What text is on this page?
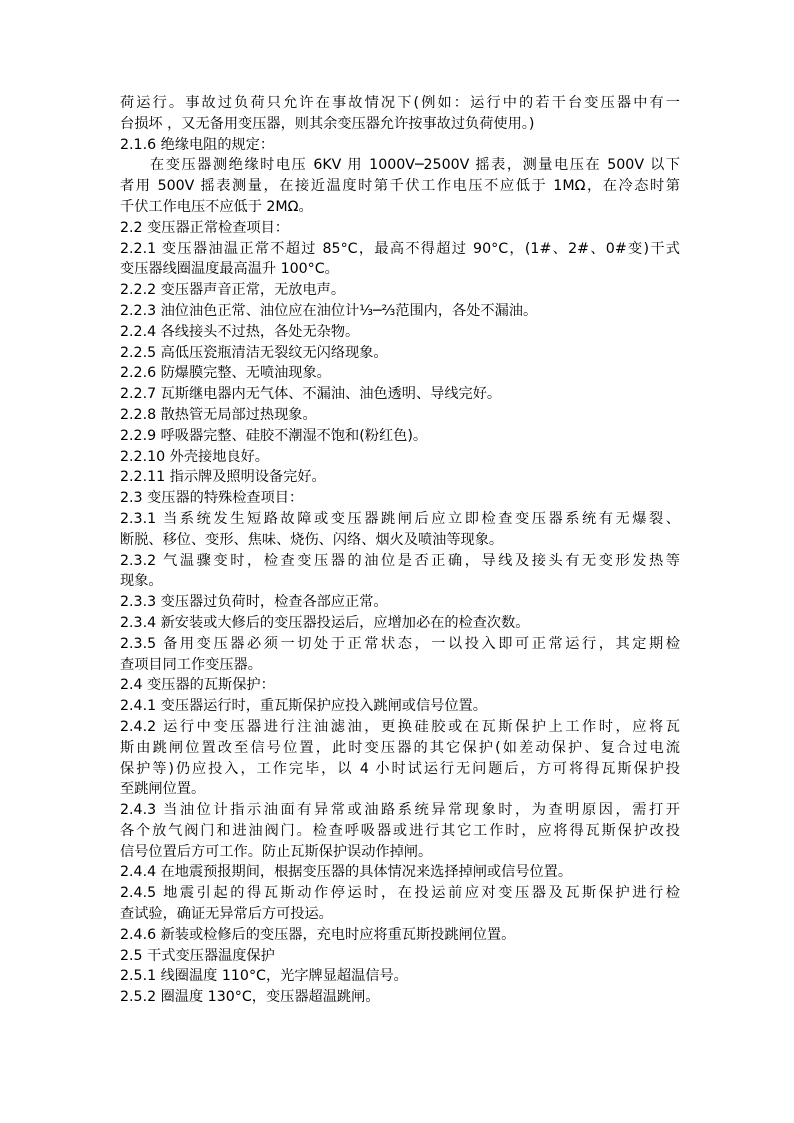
荷运行。事故过负荷只允许在事故情况下(例如：运行中的若干台变压器中有一
台损坏 ，又无备用变压器，则其余变压器允许按事故过负荷使用。)
2.1.6 绝缘电阻的规定：
在变压器测绝缘时电压 6KV 用 1000V─2500V 摇表，测量电压在 500V 以下
者用 500V 摇表测量，在接近温度时第千伏工作电压不应低于 1MΩ，在冷态时第
千伏工作电压不应低于 2MΩ。
2.2 变压器正常检查项目：
2.2.1 变压器油温正常不超过 85°C，最高不得超过 90°C，(1#、2#、0#变)干式
变压器线圈温度最高温升 100°C。
2.2.2 变压器声音正常，无放电声。
2.2.3 油位油色正常、油位应在油位计⅓─⅔范围内，各处不漏油。
2.2.4 各线接头不过热，各处无杂物。
2.2.5 高低压瓷瓶清洁无裂纹无闪络现象。
2.2.6 防爆膜完整、无喷油现象。
2.2.7 瓦斯继电器内无气体、不漏油、油色透明、导线完好。
2.2.8 散热管无局部过热现象。
2.2.9 呼吸器完整、硅胶不潮湿不饱和(粉红色)。
2.2.10 外壳接地良好。
2.2.11 指示牌及照明设备完好。
2.3 变压器的特殊检查项目：
2.3.1 当系统发生短路故障或变压器跳闸后应立即检查变压器系统有无爆裂、
断脱、移位、变形、焦味、烧伤、闪络、烟火及喷油等现象。
2.3.2 气温骤变时，检查变压器的油位是否正确，导线及接头有无变形发热等
现象。
2.3.3 变压器过负荷时，检查各部应正常。
2.3.4 新安装或大修后的变压器投运后，应增加必在的检查次数。
2.3.5 备用变压器必须一切处于正常状态，一以投入即可正常运行，其定期检
查项目同工作变压器。
2.4 变压器的瓦斯保护：
2.4.1 变压器运行时，重瓦斯保护应投入跳闸或信号位置。
2.4.2 运行中变压器进行注油滤油，更换硅胶或在瓦斯保护上工作时，应将瓦
斯由跳闸位置改至信号位置，此时变压器的其它保护(如差动保护、复合过电流
保护等)仍应投入，工作完毕，以 4 小时试运行无问题后，方可将得瓦斯保护投
至跳闸位置。
2.4.3 当油位计指示油面有异常或油路系统异常现象时，为查明原因，需打开
各个放气阀门和进油阀门。检查呼吸器或进行其它工作时，应将得瓦斯保护改投
信号位置后方可工作。防止瓦斯保护误动作掉闸。
2.4.4 在地震预报期间，根据变压器的具体情况来选择掉闸或信号位置。
2.4.5 地震引起的得瓦斯动作停运时，在投运前应对变压器及瓦斯保护进行检
查试验，确证无异常后方可投运。
2.4.6 新装或检修后的变压器，充电时应将重瓦斯投跳闸位置。
2.5 干式变压器温度保护
2.5.1 线圈温度 110°C，光字牌显超温信号。
2.5.2 圈温度 130°C，变压器超温跳闸。
